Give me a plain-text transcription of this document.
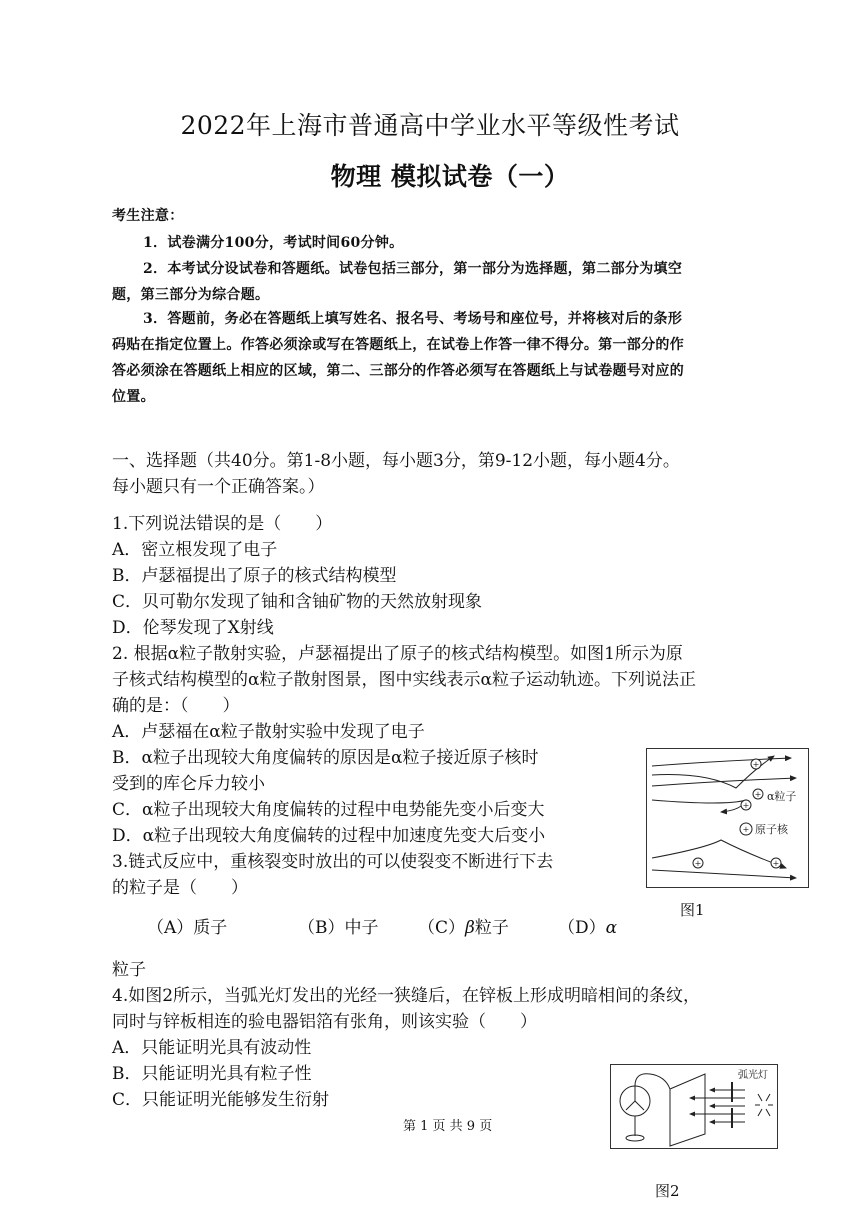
2022年上海市普通高中学业水平等级性考试
物理 模拟试卷（一）
考生注意：
1．试卷满分100分，考试时间60分钟。
2．本考试分设试卷和答题纸。试卷包括三部分，第一部分为选择题，第二部分为填空
题，第三部分为综合题。
3．答题前，务必在答题纸上填写姓名、报名号、考场号和座位号，并将核对后的条形
码贴在指定位置上。作答必须涂或写在答题纸上，在试卷上作答一律不得分。第一部分的作
答必须涂在答题纸上相应的区域，第二、三部分的作答必须写在答题纸上与试卷题号对应的
位置。
一、选择题（共40分。第1-8小题，每小题3分，第9-12小题，每小题4分。
每小题只有一个正确答案。）
1.下列说法错误的是（　　）
A．密立根发现了电子
B．卢瑟福提出了原子的核式结构模型
C．贝可勒尔发现了铀和含铀矿物的天然放射现象
D．伦琴发现了X射线
2. 根据α粒子散射实验，卢瑟福提出了原子的核式结构模型。如图1所示为原
子核式结构模型的α粒子散射图景，图中实线表示α粒子运动轨迹。下列说法正
确的是：（　　）
A．卢瑟福在α粒子散射实验中发现了电子
B．α粒子出现较大角度偏转的原因是α粒子接近原子核时
受到的库仑斥力较小
C．α粒子出现较大角度偏转的过程中电势能先变小后变大
D．α粒子出现较大角度偏转的过程中加速度先变大后变小
3.链式反应中，重核裂变时放出的可以使裂变不断进行下去
的粒子是（　　）
（A）质子	（B）中子 （C）β粒子	（D）α
粒子
4.如图2所示，当弧光灯发出的光经一狭缝后，在锌板上形成明暗相间的条纹，
同时与锌板相连的验电器铝箔有张角，则该实验（　　）
A．只能证明光具有波动性
B．只能证明光具有粒子性
C．只能证明光能够发生衍射
第 1 页 共 9 页
+
+
+
+	+
+
α粒子
原子核
图1
弧光灯
图2
